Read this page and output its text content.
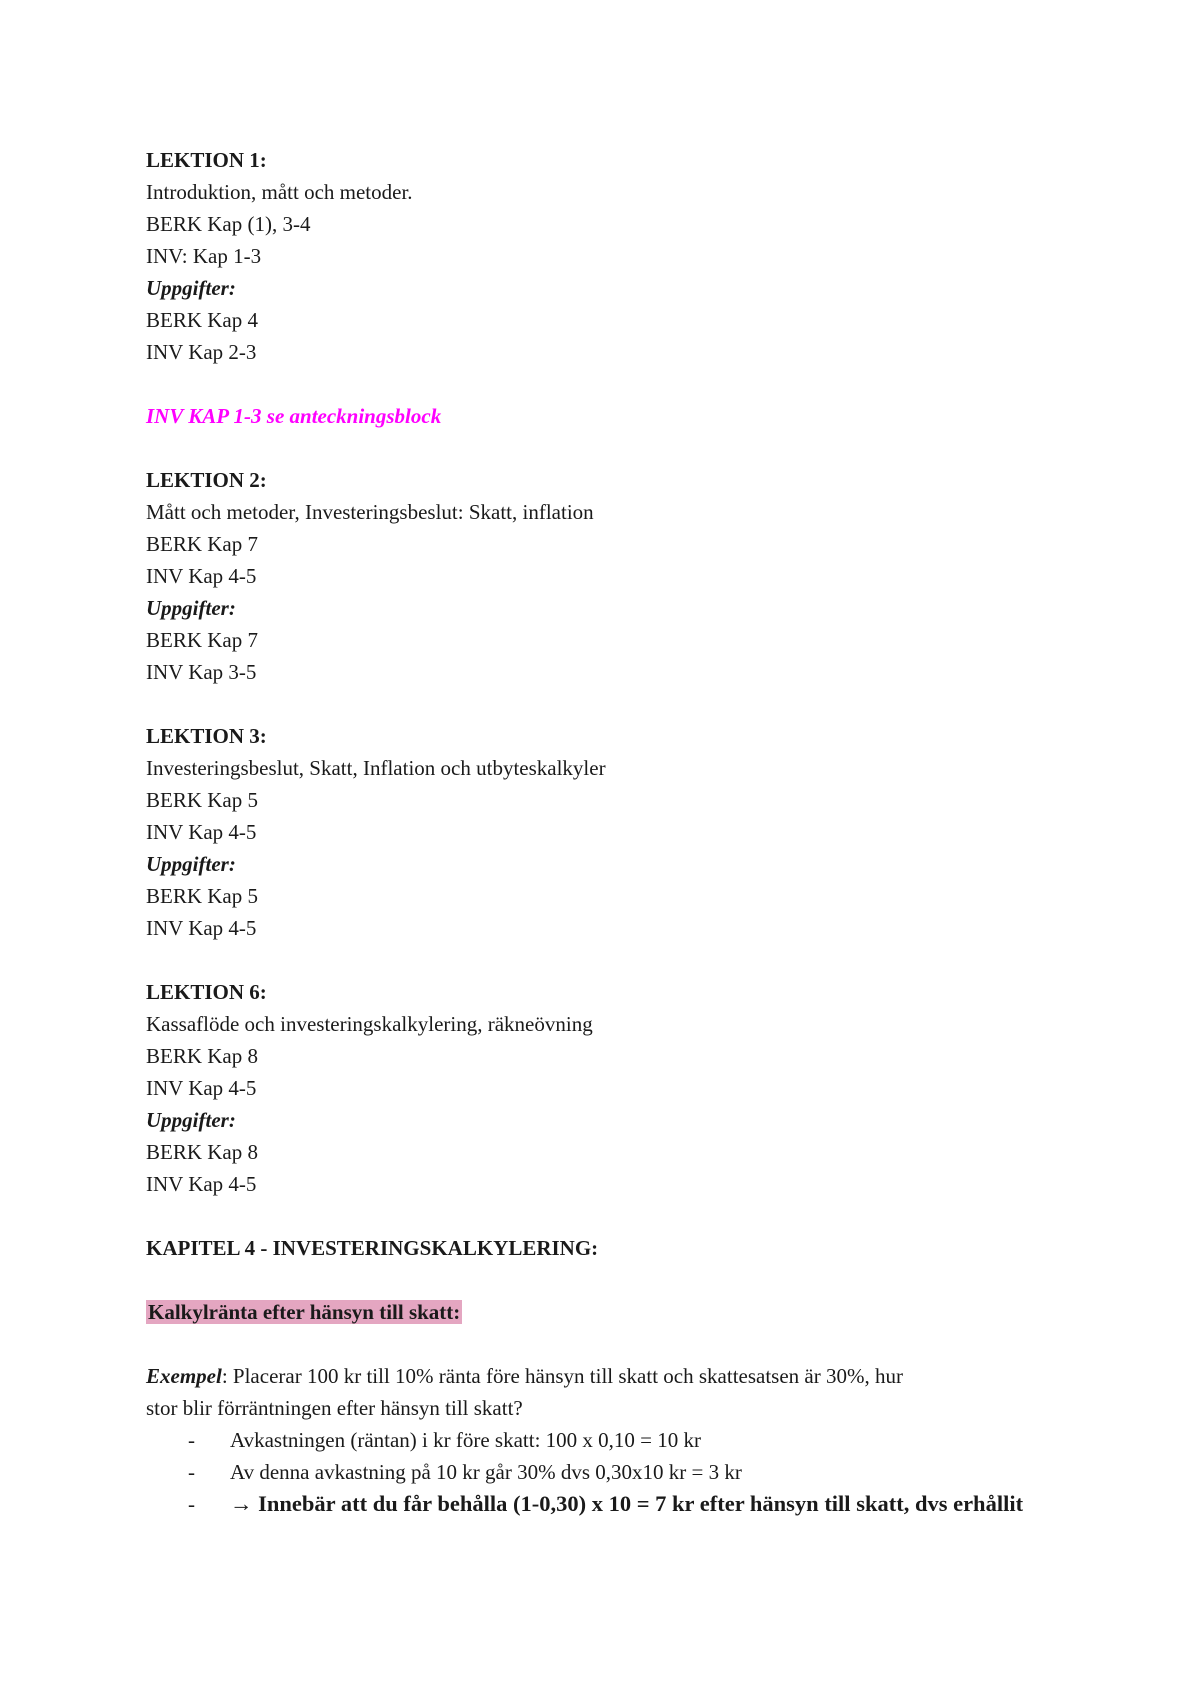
LEKTION 1:
Introduktion, mått och metoder.
BERK Kap (1), 3-4
INV: Kap 1-3
Uppgifter:
BERK Kap 4
INV Kap 2-3
INV KAP 1-3 se anteckningsblock
LEKTION 2:
Mått och metoder, Investeringsbeslut: Skatt, inflation
BERK Kap 7
INV Kap 4-5
Uppgifter:
BERK Kap 7
INV Kap 3-5
LEKTION 3:
Investeringsbeslut, Skatt, Inflation och utbyteskalkyler
BERK Kap 5
INV Kap 4-5
Uppgifter:
BERK Kap 5
INV Kap 4-5
LEKTION 6:
Kassaflöde och investeringskalkylering, räkneövning
BERK Kap 8
INV Kap 4-5
Uppgifter:
BERK Kap 8
INV Kap 4-5
KAPITEL 4 - INVESTERINGSKALKYLERING:
Kalkylränta efter hänsyn till skatt:
Exempel: Placerar 100 kr till 10% ränta före hänsyn till skatt och skattesatsen är 30%, hur
stor blir förräntningen efter hänsyn till skatt?
-	Avkastningen (räntan) i kr före skatt: 100 x 0,10 = 10 kr
-	Av denna avkastning på 10 kr går 30% dvs 0,30x10 kr = 3 kr
-	→ Innebär att du får behålla (1-0,30) x 10 = 7 kr efter hänsyn till skatt, dvs erhållit
